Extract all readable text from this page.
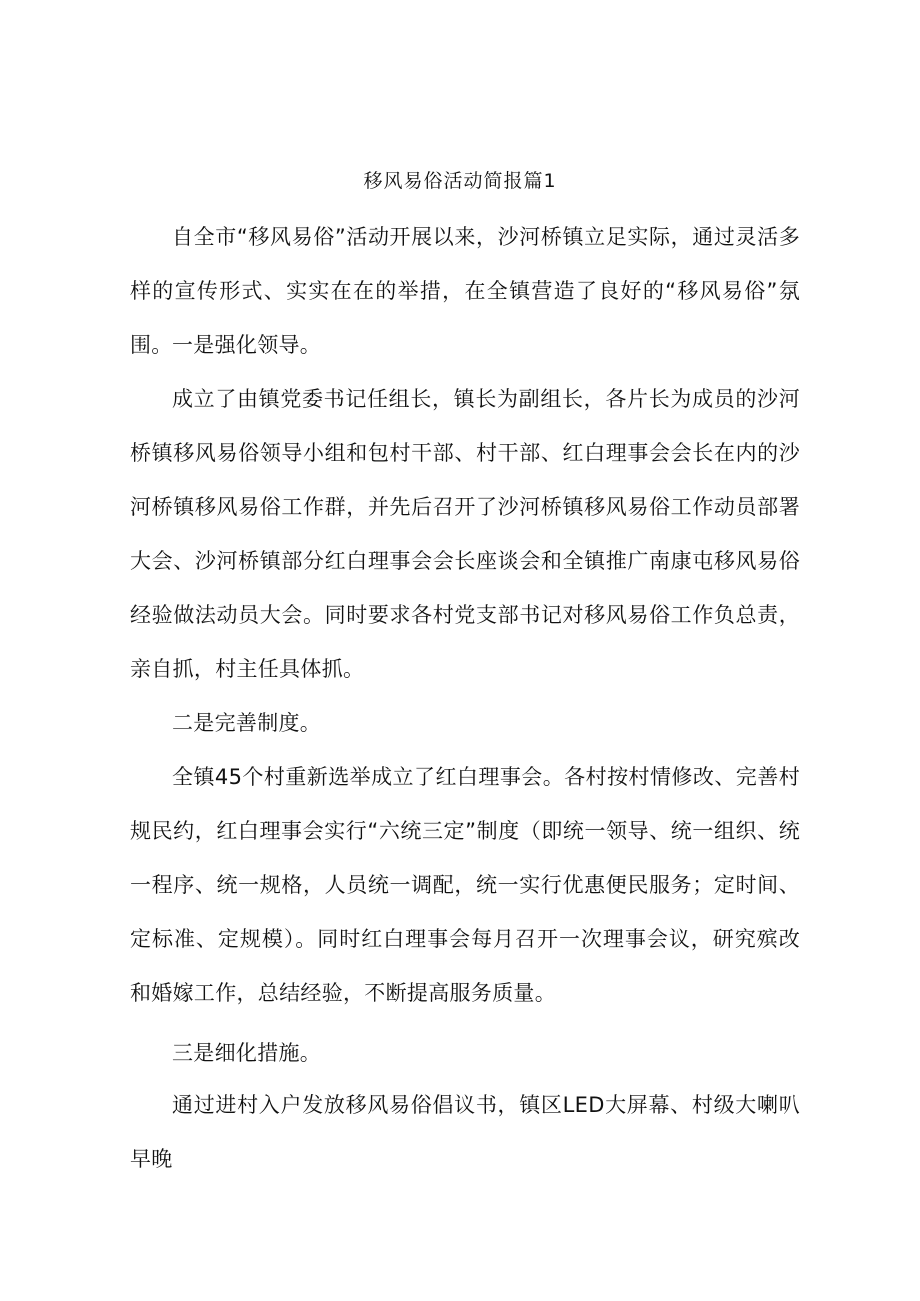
移风易俗活动简报篇1

自全市“移风易俗”活动开展以来，沙河桥镇立足实际，通过灵活多样的宣传形式、实实在在的举措，在全镇营造了良好的“移风易俗”氛围。 一是强化领导。

成立了由镇党委书记任组长，镇长为副组长，各片长为成员的沙河桥镇移风易俗领导小组和包村干部、村干部、红白理事会会长在内的沙河桥镇移风易俗工作群，并先后召开了沙河桥镇移风易俗工作动员部署大会、沙河桥镇部分红白理事会会长座谈会和全镇推广南康屯移风易俗经验做法动员大会。同时要求各村党支部书记对移风易俗工作负总责，亲自抓，村主任具体抓。

二是完善制度。

全镇45个村重新选举成立了红白理事会。各村按村情修改、完善村规民约，红白理事会实行“六统三定”制度（即统一领导、统一组织、统一程序、统一规格，人员统一调配，统一实行优惠便民服务；定时间、定标准、定规模）。同时红白理事会每月召开一次理事会议，研究殡改和婚嫁工作，总结经验，不断提高服务质量。

三是细化措施。

通过进村入户发放移风易俗倡议书，镇区LED大屏幕、村级大喇叭早晚
